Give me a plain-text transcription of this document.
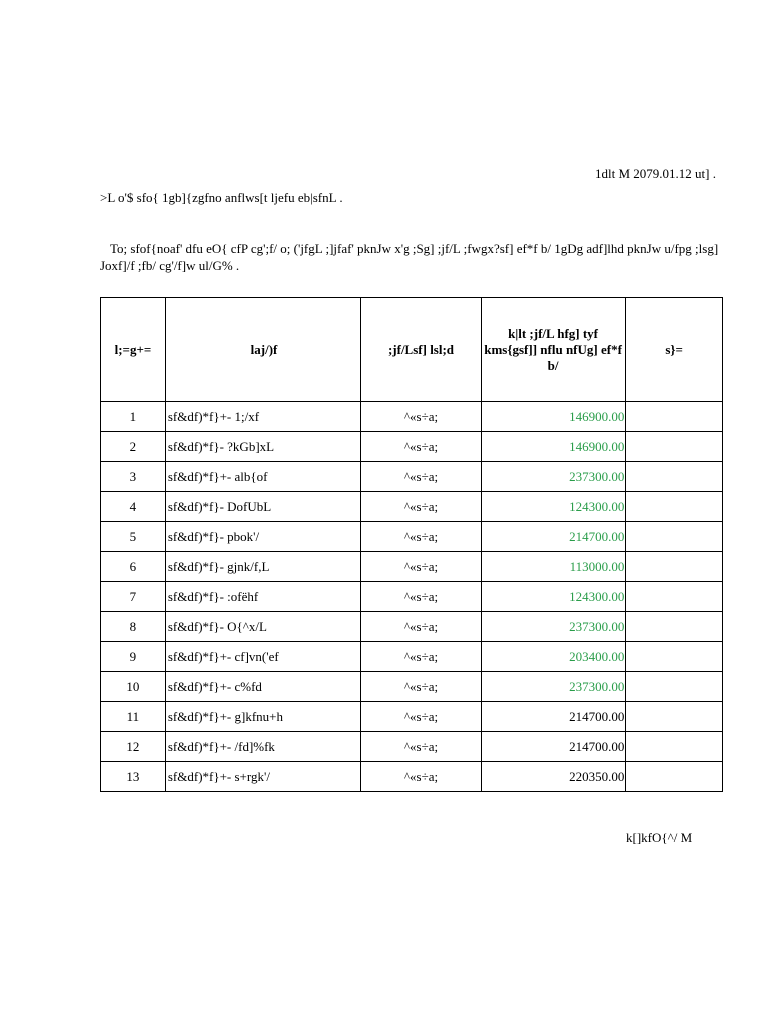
1dlt M 2079.01.12 ut] .
>L o'$ sfo{ 1gb]{zgfno anflws[t ljefu eb|sfnL .
To; sfof{noaf' dfu eO{ cfP cg';f/ o; ('jfgL ;]jfaf' pknJw x'g ;Sg] ;jf/L ;fwgx?sf] ef*f b/ 1gDg adf]lhd pknJw u/fpg ;lsg] Joxf]/f ;fb/ cg'/f]w ul/G% .
l;=g+=	laj/)f	;jf/Lsf] lsl;d	k|lt ;jf/L hfg] tyf kms{gsf]] nflu nfUg] ef*f b/	s}=
1	sf&df)*f}+- 1;/xf	^«s÷a;	146900.00	
2	sf&df)*f}- ?kGb]xL	^«s÷a;	146900.00	
3	sf&df)*f}+- alb{of	^«s÷a;	237300.00	
4	sf&df)*f}- DofUbL	^«s÷a;	124300.00	
5	sf&df)*f}- pbok'/	^«s÷a;	214700.00	
6	sf&df)*f}- gjnk/f,L	^«s÷a;	113000.00	
7	sf&df)*f}- :ofëhf	^«s÷a;	124300.00	
8	sf&df)*f}- O{^x/L	^«s÷a;	237300.00	
9	sf&df)*f}+- cf]vn('ef	^«s÷a;	203400.00	
10	sf&df)*f}+- c%fd	^«s÷a;	237300.00	
11	sf&df)*f}+- g]kfnu+h	^«s÷a;	214700.00	
12	sf&df)*f}+- /fd]%fk	^«s÷a;	214700.00	
13	sf&df)*f}+- s+rgk'/	^«s÷a;	220350.00	
k[]kfO{^/ M
